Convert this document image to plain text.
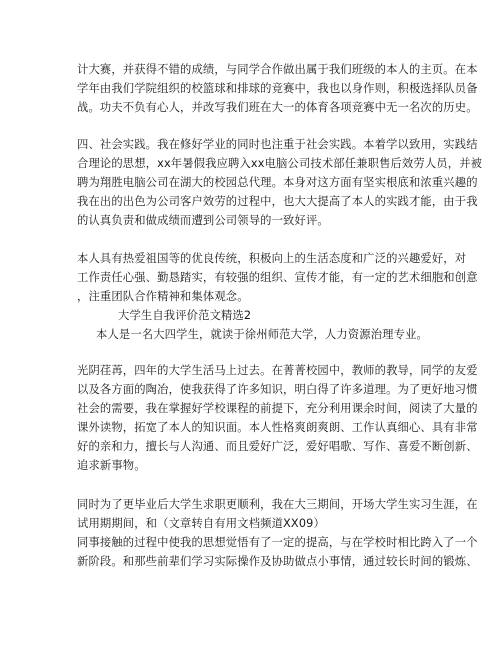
计大赛，并获得不错的成绩，与同学合作做出属于我们班级的本人的主页。在本
学年由我们学院组织的校篮球和排球的竞赛中，我也以身作则，积极选择队员备
战。功夫不负有心人，并改写我们班在大一的体育各项竞赛中无一名次的历史。
四、社会实践。我在修好学业的同时也注重于社会实践。本着学以致用，实践结
合理论的思想，xx年暑假我应聘入xx电脑公司技术部任兼职售后效劳人员，并被
聘为翔胜电脑公司在湖大的校园总代理。本身对这方面有坚实根底和浓重兴趣的
我在出的出色为公司客户效劳的过程中，也大大提高了本人的实践才能，由于我
的认真负责和做成绩而遭到公司领导的一致好评。
本人具有热爱祖国等的优良传统，积极向上的生活态度和广泛的兴趣爱好，对
工作责任心强、勤恳踏实，有较强的组织、宣传才能，有一定的艺术细胞和创意
，注重团队合作精神和集体观念。
大学生自我评价范文精选2
本人是一名大四学生，就读于徐州师范大学，人力资源治理专业。
光阴荏苒，四年的大学生活马上过去。在菁菁校园中，教师的教导，同学的友爱
以及各方面的陶冶，使我获得了许多知识，明白得了许多道理。为了更好地习惯
社会的需要，我在掌握好学校课程的前提下，充分利用课余时间，阅读了大量的
课外读物，拓宽了本人的知识面。本人性格爽朗爽朗、工作认真细心、具有非常
好的亲和力，擅长与人沟通、而且爱好广泛，爱好唱歌、写作、喜爱不断创新、
追求新事物。
同时为了更毕业后大学生求职更顺利，我在大三期间，开场大学生实习生涯，在
试用期期间，和（文章转自有用文档频道XX09）
同事接触的过程中使我的思想觉悟有了一定的提高，与在学校时相比跨入了一个
新阶段。和那些前辈们学习实际操作及协助做点小事情，通过较长时间的锻炼、
